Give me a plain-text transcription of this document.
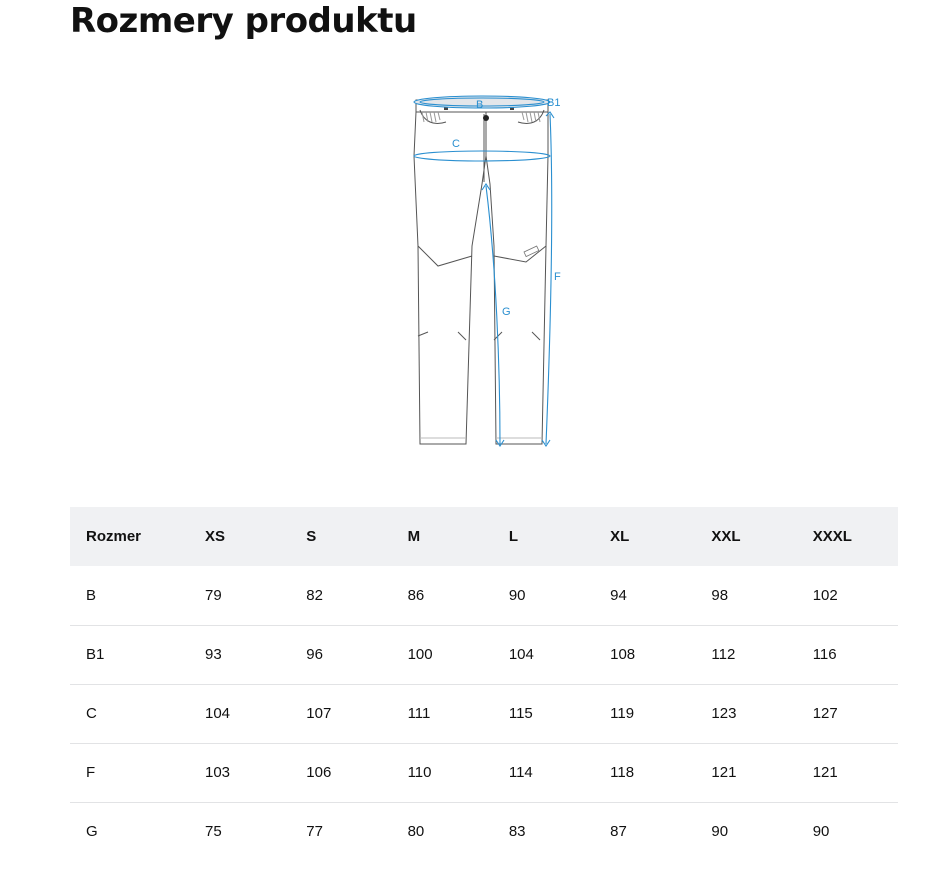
Rozmery produktu
B	B1
C
F
G
Rozmer	XS	S	M	L	XL	XXL	XXXL
B	79	82	86	90	94	98	102
B1	93	96	100	104	108	112	116
C	104	107	111	115	119	123	127
F	103	106	110	114	118	121	121
G	75	77	80	83	87	90	90
